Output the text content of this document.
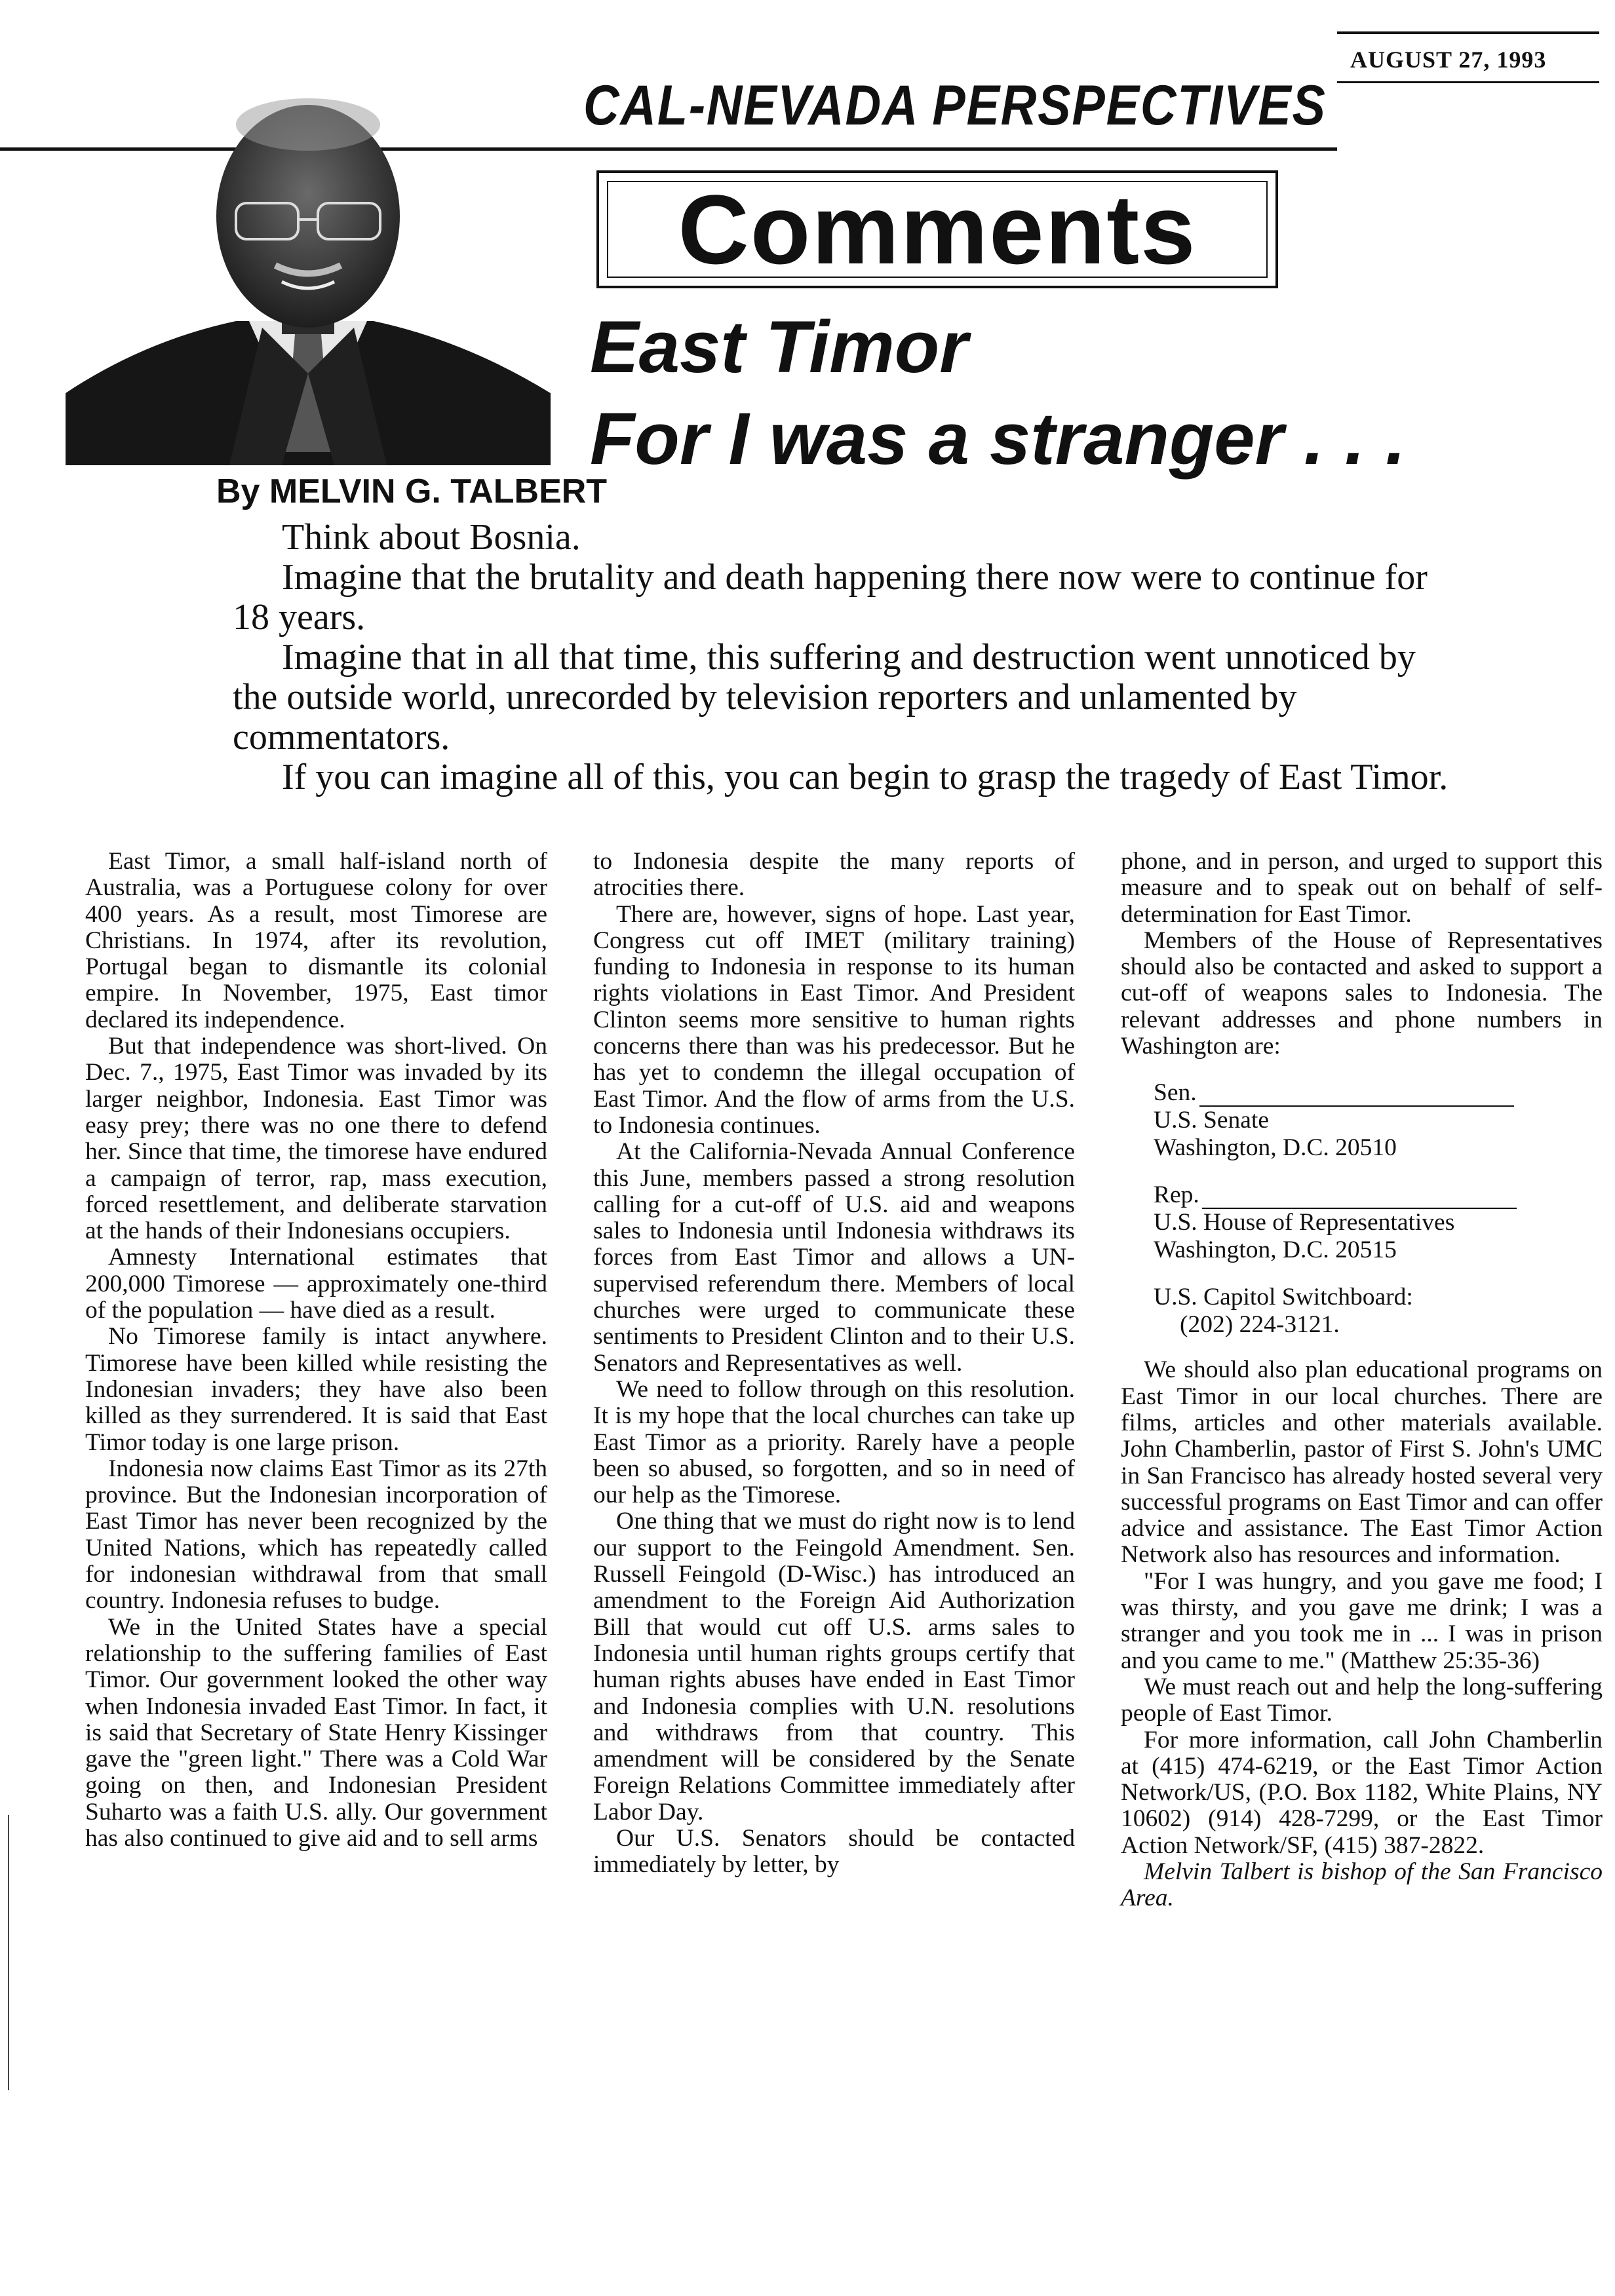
AUGUST 27, 1993
CAL-NEVADA PERSPECTIVES
Comments
East Timor
For I was a stranger . . .
By MELVIN G. TALBERT

Think about Bosnia.

Imagine that the brutality and death happening there now were to continue for 18 years.

Imagine that in all that time, this suffering and destruction went unnoticed by the outside world, unrecorded by television reporters and unlamented by commentators.

If you can imagine all of this, you can begin to grasp the tragedy of East Timor.

East Timor, a small half-island north of Australia, was a Portuguese colony for over 400 years. As a result, most Timorese are Christians. In 1974, after its revolution, Portugal began to dismantle its colonial empire. In November, 1975, East timor declared its independence.

But that independence was short-lived. On Dec. 7., 1975, East Timor was invaded by its larger neighbor, Indonesia. East Timor was easy prey; there was no one there to defend her. Since that time, the timorese have endured a campaign of terror, rap, mass execution, forced resettlement, and deliberate starvation at the hands of their Indonesians occupiers.

Amnesty International estimates that 200,000 Timorese — approximately one-third of the population — have died as a result.

No Timorese family is intact anywhere. Timorese have been killed while resisting the Indonesian invaders; they have also been killed as they surrendered. It is said that East Timor today is one large prison.

Indonesia now claims East Timor as its 27th province. But the Indonesian incorporation of East Timor has never been recognized by the United Nations, which has repeatedly called for indonesian withdrawal from that small country. Indonesia refuses to budge.

We in the United States have a special relationship to the suffering families of East Timor. Our government looked the other way when Indonesia invaded East Timor. In fact, it is said that Secretary of State Henry Kissinger gave the "green light." There was a Cold War going on then, and Indonesian President Suharto was a faith U.S. ally. Our government has also continued to give aid and to sell arms

to Indonesia despite the many reports of atrocities there.

There are, however, signs of hope. Last year, Congress cut off IMET (military training) funding to Indonesia in response to its human rights violations in East Timor. And President Clinton seems more sensitive to human rights concerns there than was his predecessor. But he has yet to condemn the illegal occupation of East Timor. And the flow of arms from the U.S. to Indonesia continues.

At the California-Nevada Annual Conference this June, members passed a strong resolution calling for a cut-off of U.S. aid and weapons sales to Indonesia until Indonesia withdraws its forces from East Timor and allows a UN-supervised referendum there. Members of local churches were urged to communicate these sentiments to President Clinton and to their U.S. Senators and Representatives as well.

We need to follow through on this resolution. It is my hope that the local churches can take up East Timor as a priority. Rarely have a people been so abused, so forgotten, and so in need of our help as the Timorese.

One thing that we must do right now is to lend our support to the Feingold Amendment. Sen. Russell Feingold (D-Wisc.) has introduced an amendment to the Foreign Aid Authorization Bill that would cut off U.S. arms sales to Indonesia until human rights groups certify that human rights abuses have ended in East Timor and Indonesia complies with U.N. resolutions and withdraws from that country. This amendment will be considered by the Senate Foreign Relations Committee immediately after Labor Day.

Our U.S. Senators should be contacted immediately by letter, by

phone, and in person, and urged to support this measure and to speak out on behalf of self-determination for East Timor.

Members of the House of Representatives should also be contacted and asked to support a cut-off of weapons sales to Indonesia. The relevant addresses and phone numbers in Washington are:

Sen.
U.S. Senate
Washington, D.C. 20510
Rep.
U.S. House of Representatives
Washington, D.C. 20515
U.S. Capitol Switchboard:
(202) 224-3121.

We should also plan educational programs on East Timor in our local churches. There are films, articles and other materials available. John Chamberlin, pastor of First S. John's UMC in San Francisco has already hosted several very successful programs on East Timor and can offer advice and assistance. The East Timor Action Network also has resources and information.

"For I was hungry, and you gave me food; I was thirsty, and you gave me drink; I was a stranger and you took me in ... I was in prison and you came to me." (Matthew 25:35-36)

We must reach out and help the long-suffering people of East Timor.

For more information, call John Chamberlin at (415) 474-6219, or the East Timor Action Network/US, (P.O. Box 1182, White Plains, NY 10602) (914) 428-7299, or the East Timor Action Network/SF, (415) 387-2822.

Melvin Talbert is bishop of the San Francisco Area.
